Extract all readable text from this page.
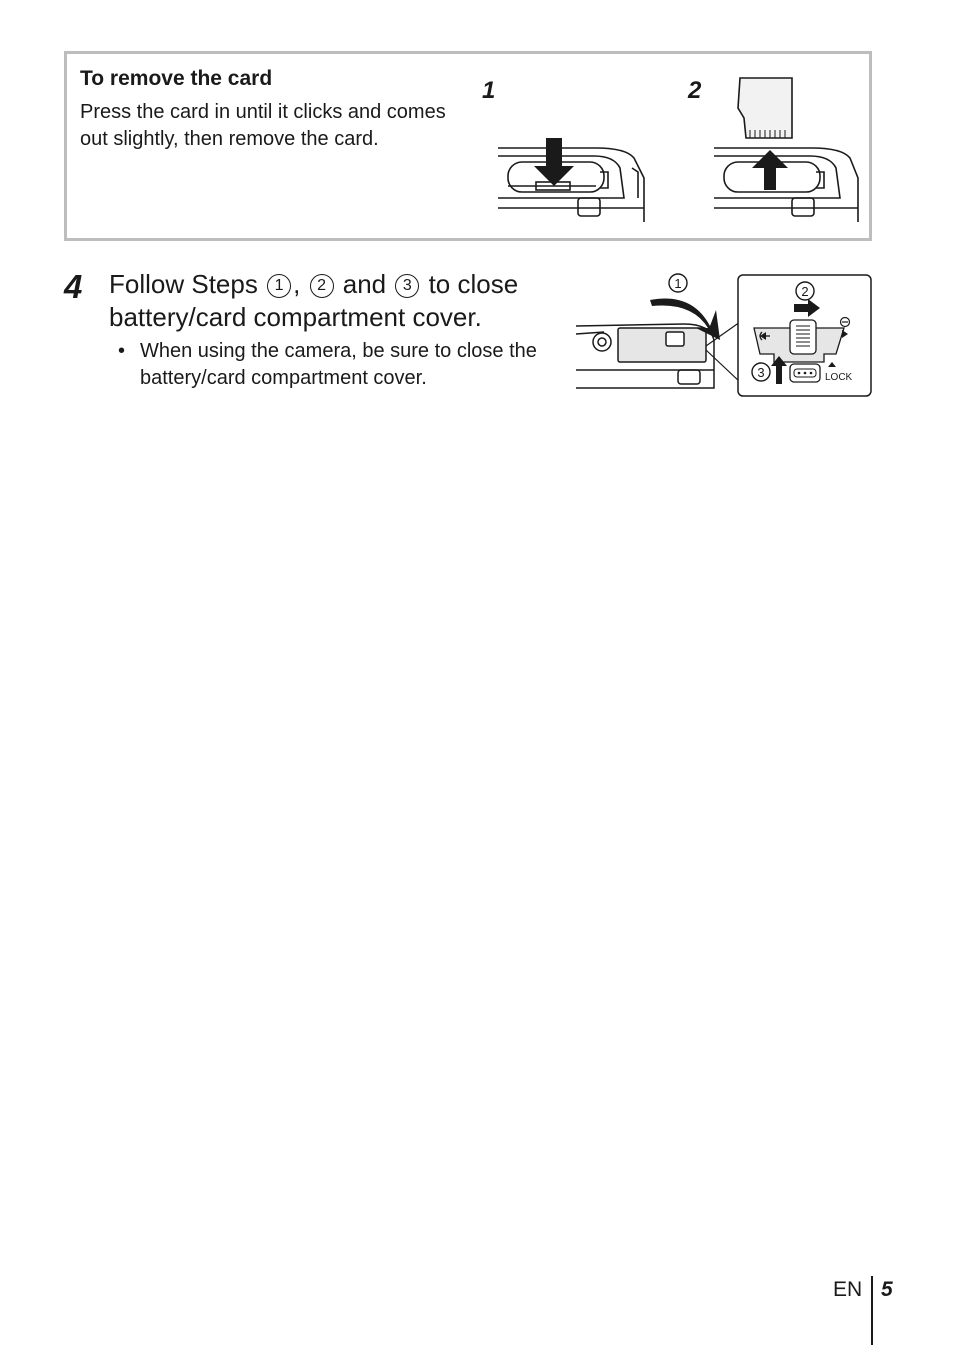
To remove the card
Press the card in until it clicks and comes out slightly, then remove the card.
1	2
4 Follow Steps 1 , 2 and 3 to close battery/card compartment cover.
• When using the camera, be sure to close the battery/card compartment cover.
1
2
3	LOCK
EN 5
